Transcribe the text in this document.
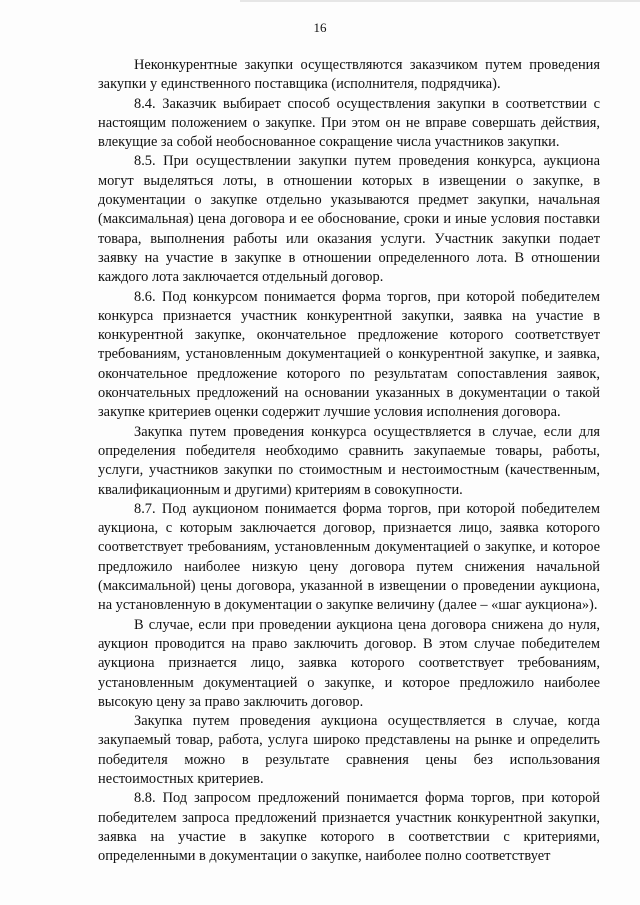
16

Неконкурентные закупки осуществляются заказчиком путем проведения закупки у единственного поставщика (исполнителя, подрядчика).

8.4. Заказчик выбирает способ осуществления закупки в соответствии с настоящим положением о закупке. При этом он не вправе совершать действия, влекущие за собой необоснованное сокращение числа участников закупки.

8.5. При осуществлении закупки путем проведения конкурса, аукциона могут выделяться лоты, в отношении которых в извещении о закупке, в документации о закупке отдельно указываются предмет закупки, начальная (максимальная) цена договора и ее обоснование, сроки и иные условия поставки товара, выполнения работы или оказания услуги. Участник закупки подает заявку на участие в закупке в отношении определенного лота. В отношении каждого лота заключается отдельный договор.

8.6. Под конкурсом понимается форма торгов, при которой победителем конкурса признается участник конкурентной закупки, заявка на участие в конкурентной закупке, окончательное предложение которого соответствует требованиям, установленным документацией о конкурентной закупке, и заявка, окончательное предложение которого по результатам сопоставления заявок, окончательных предложений на основании указанных в документации о такой закупке критериев оценки содержит лучшие условия исполнения договора.

Закупка путем проведения конкурса осуществляется в случае, если для определения победителя необходимо сравнить закупаемые товары, работы, услуги, участников закупки по стоимостным и нестоимостным (качественным, квалификационным и другими) критериям в совокупности.

8.7. Под аукционом понимается форма торгов, при которой победителем аукциона, с которым заключается договор, признается лицо, заявка которого соответствует требованиям, установленным документацией о закупке, и которое предложило наиболее низкую цену договора путем снижения начальной (максимальной) цены договора, указанной в извещении о проведении аукциона, на установленную в документации о закупке величину (далее – «шаг аукциона»).

В случае, если при проведении аукциона цена договора снижена до нуля, аукцион проводится на право заключить договор. В этом случае победителем аукциона признается лицо, заявка которого соответствует требованиям, установленным документацией о закупке, и которое предложило наиболее высокую цену за право заключить договор.

Закупка путем проведения аукциона осуществляется в случае, когда закупаемый товар, работа, услуга широко представлены на рынке и определить победителя можно в результате сравнения цены без использования нестоимостных критериев.

8.8. Под запросом предложений понимается форма торгов, при которой победителем запроса предложений признается участник конкурентной закупки, заявка на участие в закупке которого в соответствии с критериями, определенными в документации о закупке, наиболее полно соответствует
